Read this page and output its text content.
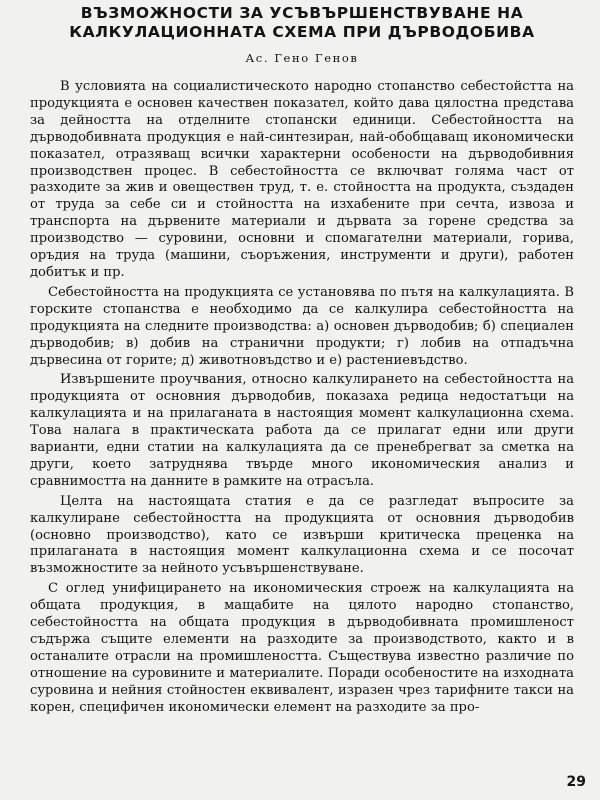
ВЪЗМОЖНОСТИ ЗА УСЪВЪРШЕНСТВУВАНЕ НА
КАЛКУЛАЦИОННАТА СХЕМА ПРИ ДЪРВОДОБИВА
Ас. Гено Генов

В условията на социалистическото народно стопанство себестойстта на продукцията е основен качествен показател, който дава цялостна представа за дейността на отделните стопански единици. Себестойността на дърводобивната продукция е най-синтезиран, най-обобщаващ икономически показател, отразяващ всички характерни особености на дърводобивния производствен процес. В себестойността се включват голяма част от разходите за жив и овеществен труд, т. е. стойността на продукта, създаден от труда за себе си и стойността на изхабените при сечта, извоза и транспорта на дървените материали и дървата за горене средства за производство — суровини, основни и спомагателни материали, горива, оръдия на труда (машини, съоръжения, инструменти и други), работен добитък и пр.

Себестойността на продукцията се установява по пътя на калкулацията. В горските стопанства е необходимо да се калкулира себестойността на продукцията на следните производства: а) основен дърводобив; б) специален дърводобив; в) добив на странични продукти; г) лобив на отпадъчна дървесина от горите; д) животновъдство и е) растениевъдство.

Извършените проучвания, относно калкулирането на себестойността на продукцията от основния дърводобив, показаха редица недостатъци на калкулацията и на прилаганата в настоящия момент калкулационна схема. Това налага в практическата работа да се прилагат едни или други варианти, едни статии на калкулацията да се пренебрегват за сметка на други, което затруднява твърде много икономическия анализ и сравнимостта на данните в рамките на отрасъла.

Целта на настоящата статия е да се разгледат въпросите за калкулиране себестойността на продукцията от основния дърводобив (основно производство), като се извърши критическа преценка на прилаганата в настоящия момент калкулационна схема и се посочат възможностите за нейното усъвършенствуване.

С оглед унифицирането на икономическия строеж на калкулацията на общата продукция, в мащабите на цялото народно стопанство, себестойността на общата продукция в дърводобивната промишленост съдържа същите елементи на разходите за производството, както и в останалите отрасли на промишлеността. Съществува известно различие по отношение на суровините и материалите. Поради особеностите на изходната суровина и нейния стойностен еквивалент, изразен чрез тарифните такси на корен, специфичен икономически елемент на разходите за про-

29
